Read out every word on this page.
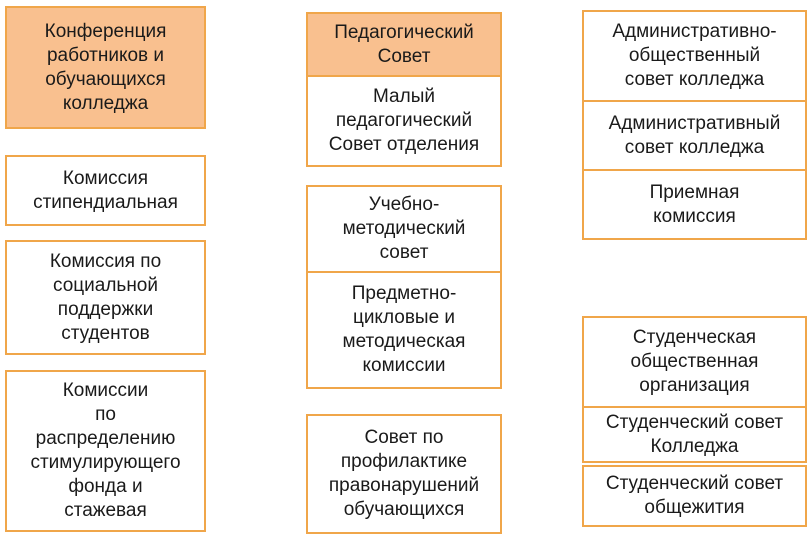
Конференция
работников и
обучающихся
колледжа
Комиссия
стипендиальная
Комиссия по
социальной
поддержки
студентов
Комиссии
по
распределению
стимулирующего
фонда и
стажевая
Педагогический
Совет
Малый
педагогический
Совет отделения
Учебно-
методический
совет
Предметно-
цикловые и
методическая
комиссии
Совет по
профилактике
правонарушений
обучающихся
Административно-
общественный
совет колледжа
Административный
совет колледжа
Приемная
комиссия
Студенческая
общественная
организация
Студенческий совет
Колледжа
Студенческий совет
общежития
